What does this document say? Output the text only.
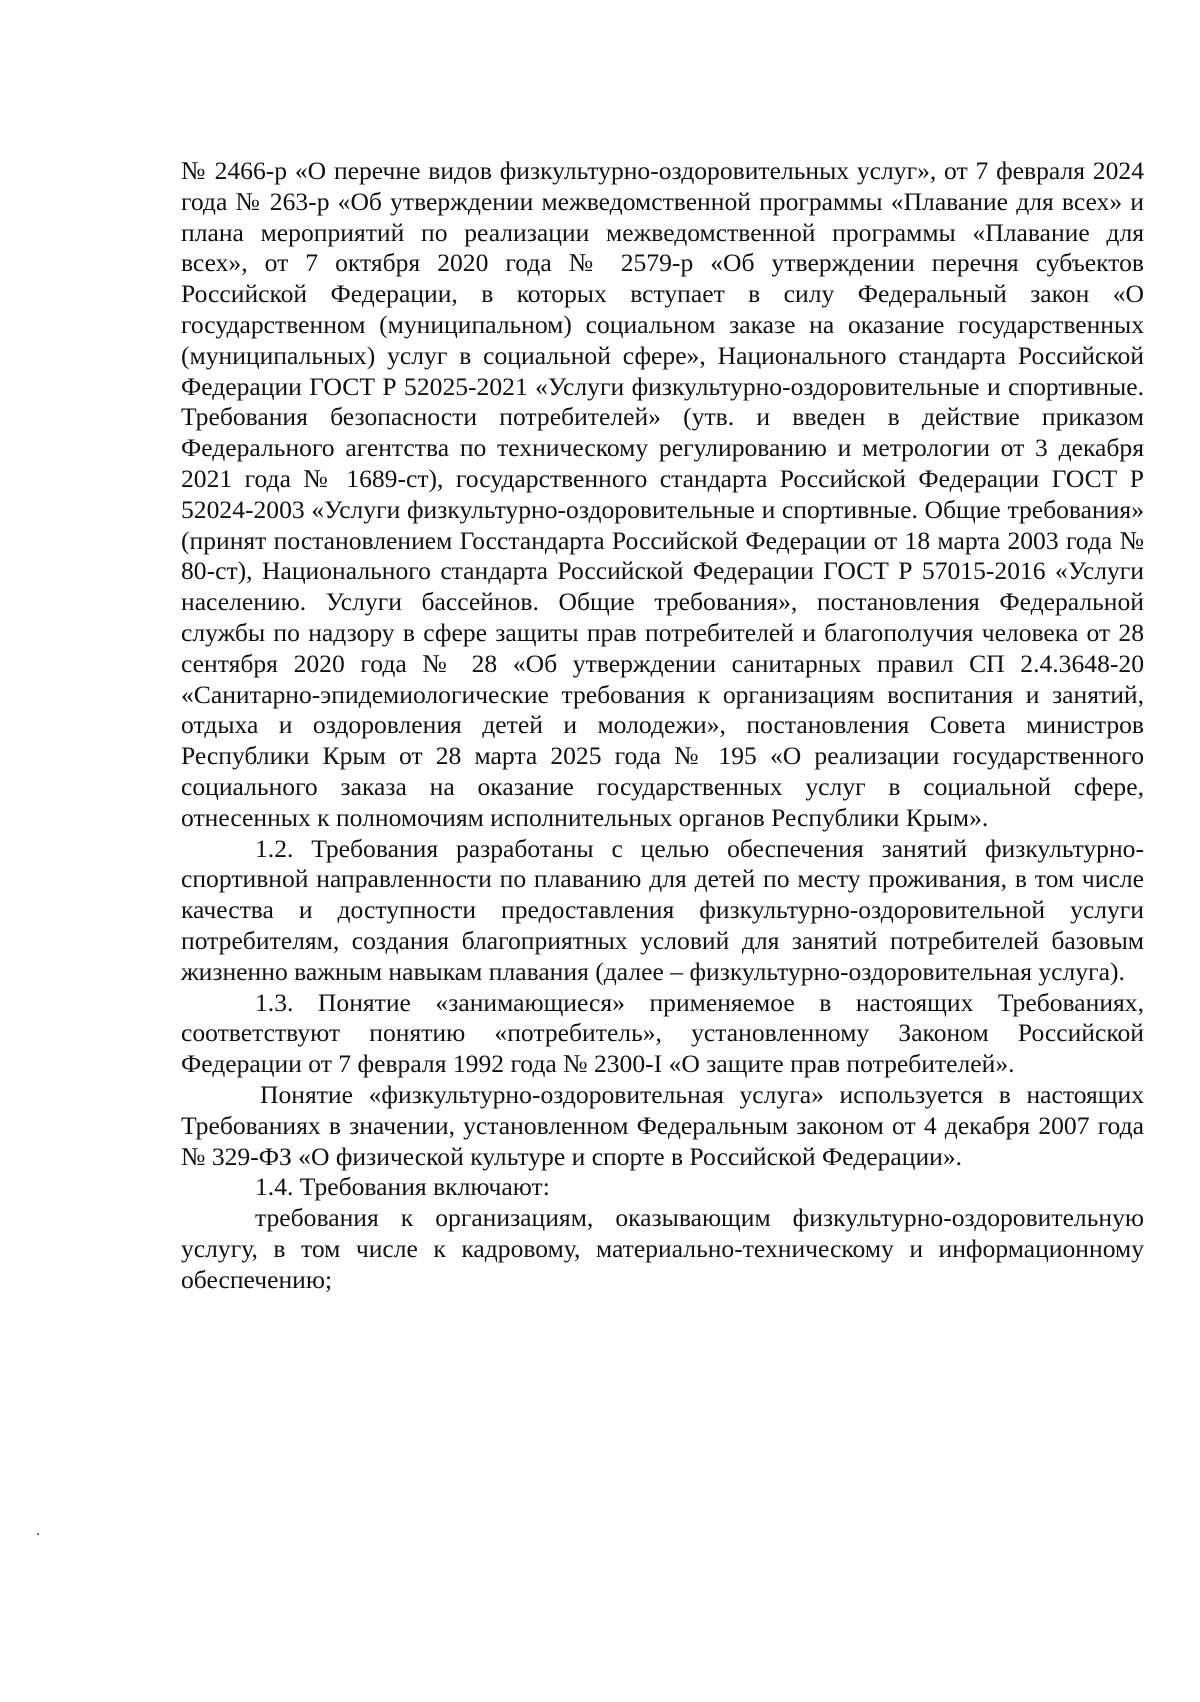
№ 2466-р «О перечне видов физкультурно-оздоровительных услуг», от 7 февраля 2024 года № 263-р «Об утверждении межведомственной программы «Плавание для всех» и плана мероприятий по реализации межведомственной программы «Плавание для всех», от 7 октября 2020 года № 2579-р «Об утверждении перечня субъектов Российской Федерации, в которых вступает в силу Федеральный закон «О государственном (муниципальном) социальном заказе на оказание государственных (муниципальных) услуг в социальной сфере», Национального стандарта Российской Федерации ГОСТ Р 52025-2021 «Услуги физкультурно-оздоровительные и спортивные. Требования безопасности потребителей» (утв. и введен в действие приказом Федерального агентства по техническому регулированию и метрологии от 3 декабря 2021 года № 1689-ст), государственного стандарта Российской Федерации ГОСТ Р 52024-2003 «Услуги физкультурно-оздоровительные и спортивные. Общие требования» (принят постановлением Госстандарта Российской Федерации от 18 марта 2003 года № 80-ст), Национального стандарта Российской Федерации ГОСТ Р 57015-2016 «Услуги населению. Услуги бассейнов. Общие требования», постановления Федеральной службы по надзору в сфере защиты прав потребителей и благополучия человека от 28 сентября 2020 года № 28 «Об утверждении санитарных правил СП 2.4.3648-20 «Санитарно-эпидемиологические требования к организациям воспитания и занятий, отдыха и оздоровления детей и молодежи», постановления Совета министров Республики Крым от 28 марта 2025 года № 195 «О реализации государственного социального заказа на оказание государственных услуг в социальной сфере, отнесенных к полномочиям исполнительных органов Республики Крым».

1.2. Требования разработаны с целью обеспечения занятий физкультурно-спортивной направленности по плаванию для детей по месту проживания, в том числе качества и доступности предоставления физкультурно-оздоровительной услуги потребителям, создания благоприятных условий для занятий потребителей базовым жизненно важным навыкам плавания (далее – физкультурно-оздоровительная услуга).

1.3. Понятие «занимающиеся» применяемое в настоящих Требованиях, соответствуют понятию «потребитель», установленному Законом Российской Федерации от 7 февраля 1992 года № 2300-I «О защите прав потребителей».

Понятие «физкультурно-оздоровительная услуга» используется в настоящих Требованиях в значении, установленном Федеральным законом от 4 декабря 2007 года № 329-ФЗ «О физической культуре и спорте в Российской Федерации».

1.4. Требования включают:

требования к организациям, оказывающим физкультурно-оздоровительную услугу, в том числе к кадровому, материально-техническому и информационному обеспечению;
